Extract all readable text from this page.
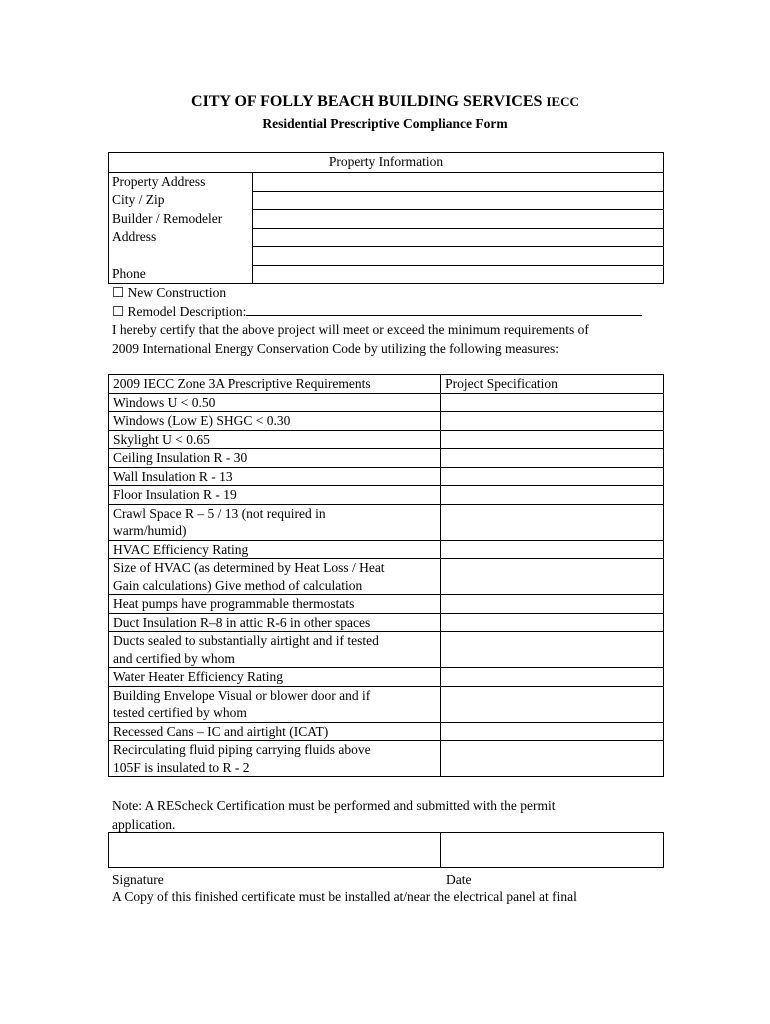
CITY OF FOLLY BEACH BUILDING SERVICES IECC
Residential Prescriptive Compliance Form
Property Information	
Property Address	
City / Zip	
Builder / Remodeler	
Address	

Phone	
☐ New Construction
☐ Remodel Description:
I hereby certify that the above project will meet or exceed the minimum requirements of
2009 International Energy Conservation Code by utilizing the following measures:
2009 IECC Zone 3A Prescriptive Requirements	Project Specification

Windows U < 0.50	

Windows (Low E) SHGC < 0.30	

Skylight U < 0.65	

Ceiling Insulation R - 30	

Wall Insulation R - 13	

Floor Insulation R - 19	

Crawl Space R – 5 / 13 (not required in
warm/humid)	

HVAC Efficiency Rating	

Size of HVAC (as determined by Heat Loss / Heat
Gain calculations) Give method of calculation	

Heat pumps have programmable thermostats	

Duct Insulation R–8 in attic R-6 in other spaces	

Ducts sealed to substantially airtight and if tested
and certified by whom	

Water Heater Efficiency Rating	

Building Envelope Visual or blower door and if
tested certified by whom	

Recessed Cans – IC and airtight (ICAT)	

Recirculating fluid piping carrying fluids above
105F is insulated to R - 2	

Note: A REScheck Certification must be performed and submitted with the permit
application.

Signature	Date
A Copy of this finished certificate must be installed at/near the electrical panel at final
